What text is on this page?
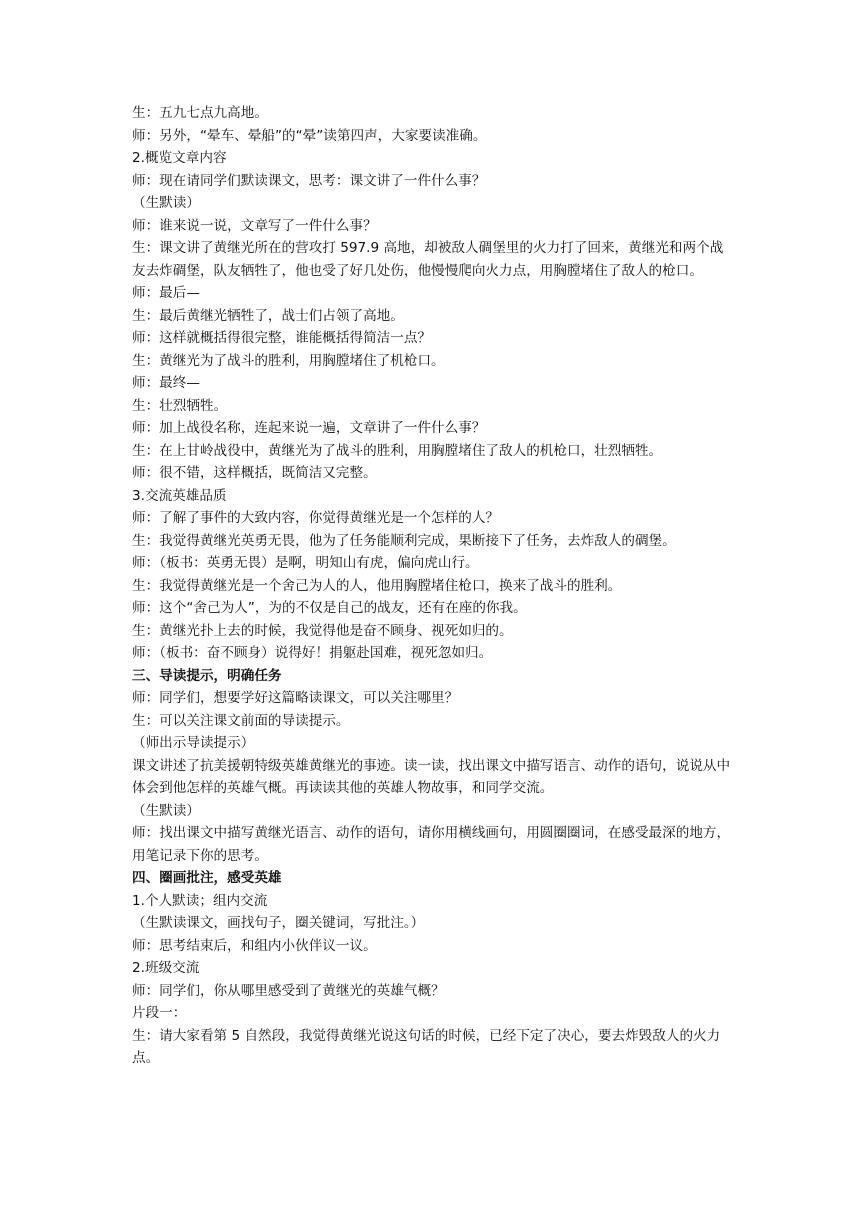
生：五九七点九高地。

师：另外，“晕车、晕船”的“晕”读第四声，大家要读准确。

2.概览文章内容

师：现在请同学们默读课文，思考：课文讲了一件什么事？

（生默读）

师：谁来说一说，文章写了一件什么事？

生：课文讲了黄继光所在的营攻打 597.9 高地，却被敌人碉堡里的火力打了回来，黄继光和两个战友去炸碉堡，队友牺牲了，他也受了好几处伤，他慢慢爬向火力点，用胸膛堵住了敌人的枪口。

师：最后—

生：最后黄继光牺牲了，战士们占领了高地。

师：这样就概括得很完整，谁能概括得简洁一点？

生：黄继光为了战斗的胜利，用胸膛堵住了机枪口。

师：最终—

生：壮烈牺牲。

师：加上战役名称，连起来说一遍，文章讲了一件什么事？

生：在上甘岭战役中，黄继光为了战斗的胜利，用胸膛堵住了敌人的机枪口，壮烈牺牲。

师：很不错，这样概括，既简洁又完整。

3.交流英雄品质

师：了解了事件的大致内容，你觉得黄继光是一个怎样的人？

生：我觉得黄继光英勇无畏，他为了任务能顺利完成，果断接下了任务，去炸敌人的碉堡。

师：（板书：英勇无畏）是啊，明知山有虎，偏向虎山行。

生：我觉得黄继光是一个舍己为人的人，他用胸膛堵住枪口，换来了战斗的胜利。

师：这个“舍己为人”，为的不仅是自己的战友，还有在座的你我。

生：黄继光扑上去的时候，我觉得他是奋不顾身、视死如归的。

师：（板书：奋不顾身）说得好！捐躯赴国难，视死忽如归。

三、导读提示，明确任务

师：同学们，想要学好这篇略读课文，可以关注哪里？

生：可以关注课文前面的导读提示。

（师出示导读提示）

课文讲述了抗美援朝特级英雄黄继光的事迹。读一读，找出课文中描写语言、动作的语句，说说从中体会到他怎样的英雄气概。再读读其他的英雄人物故事，和同学交流。

（生默读）

师：找出课文中描写黄继光语言、动作的语句，请你用横线画句，用圆圈圈词，在感受最深的地方，用笔记录下你的思考。

四、圈画批注，感受英雄

1.个人默读；组内交流

（生默读课文，画找句子，圈关键词，写批注。）

师：思考结束后，和组内小伙伴议一议。

2.班级交流

师：同学们，你从哪里感受到了黄继光的英雄气概？

片段一：

生：请大家看第 5 自然段，我觉得黄继光说这句话的时候，已经下定了决心，要去炸毁敌人的火力点。
